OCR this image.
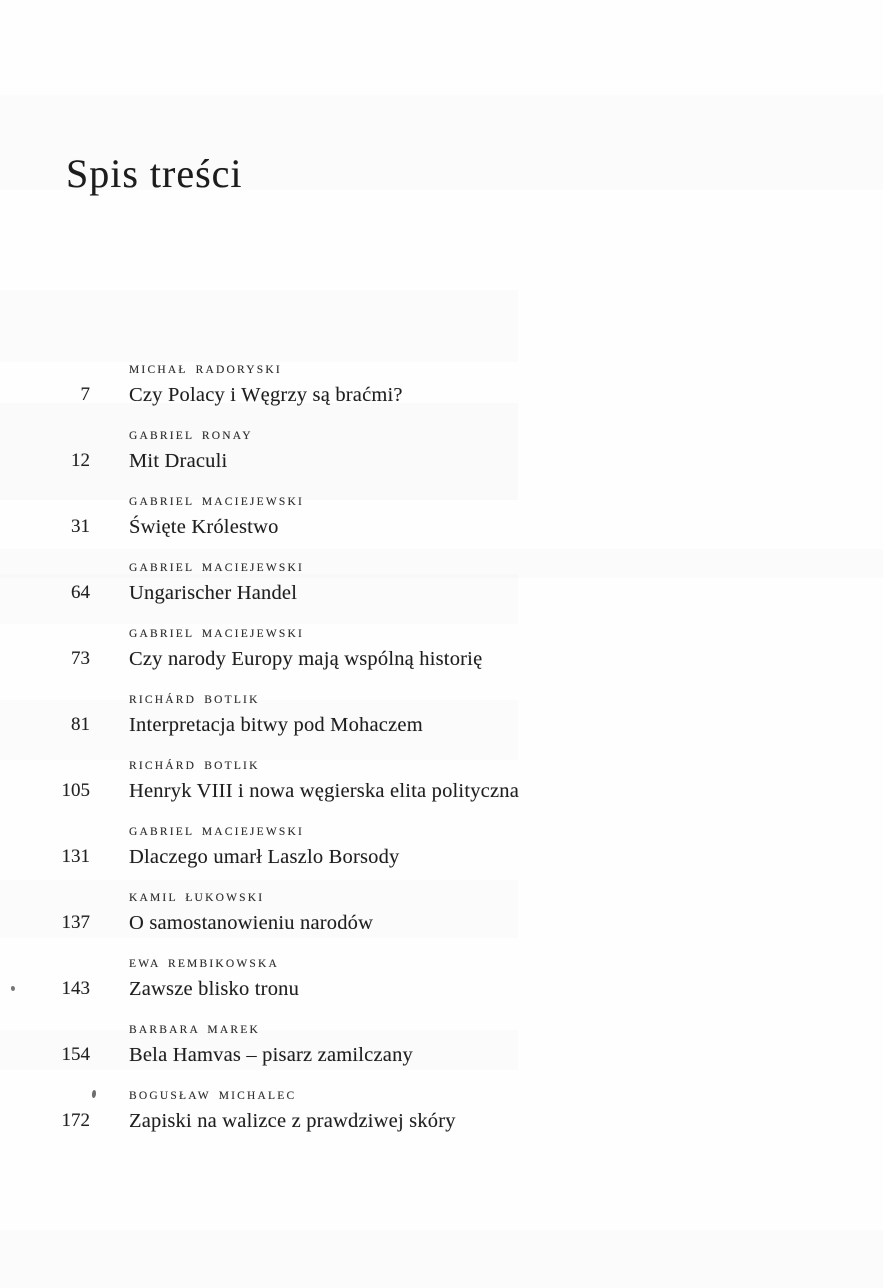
Spis treści
MICHAŁ RADORYSKI
7 Czy Polacy i Węgrzy są braćmi?
GABRIEL RONAY
12 Mit Draculi
GABRIEL MACIEJEWSKI
31 Święte Królestwo
GABRIEL MACIEJEWSKI
64 Ungarischer Handel
GABRIEL MACIEJEWSKI
73 Czy narody Europy mają wspólną historię
RICHÁRD BOTLIK
81 Interpretacja bitwy pod Mohaczem
RICHÁRD BOTLIK
105 Henryk VIII i nowa węgierska elita polityczna
GABRIEL MACIEJEWSKI
131 Dlaczego umarł Laszlo Borsody
KAMIL ŁUKOWSKI
137 O samostanowieniu narodów
EWA REMBIKOWSKA
143 Zawsze blisko tronu
BARBARA MAREK
154 Bela Hamvas – pisarz zamilczany
BOGUSŁAW MICHALEC
172 Zapiski na walizce z prawdziwej skóry
